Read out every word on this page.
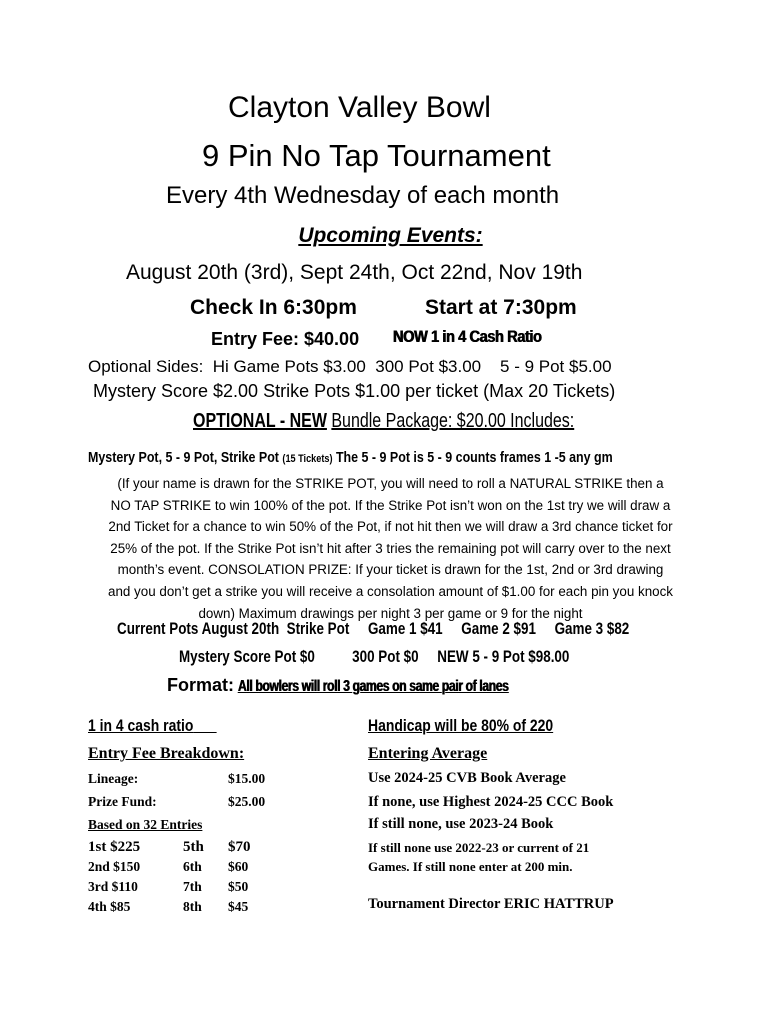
Clayton Valley Bowl
9 Pin No Tap Tournament
Every 4th Wednesday of each month
Upcoming Events:
August 20th (3rd), Sept 24th, Oct 22nd, Nov 19th
Check In 6:30pm	Start at 7:30pm
Entry Fee: $40.00 NOW 1 in 4 Cash Ratio
Optional Sides:  Hi Game Pots $3.00  300 Pot $3.00    5 - 9 Pot $5.00
Mystery Score $2.00 Strike Pots $1.00 per ticket (Max 20 Tickets)
OPTIONAL - NEW Bundle Package: $20.00 Includes:
Mystery Pot, 5 - 9 Pot, Strike Pot (15 Tickets) The 5 - 9 Pot is 5 - 9 counts frames 1 -5 any gm
(If your name is drawn for the STRIKE POT, you will need to roll a NATURAL STRIKE then a
NO TAP STRIKE to win 100% of the pot. If the Strike Pot isn’t won on the 1st try we will draw a
2nd Ticket for a chance to win 50% of the Pot, if not hit then we will draw a 3rd chance ticket for
25% of the pot. If the Strike Pot isn’t hit after 3 tries the remaining pot will carry over to the next
month’s event. CONSOLATION PRIZE: If your ticket is drawn for the 1st, 2nd or 3rd drawing
and you don’t get a strike you will receive a consolation amount of $1.00 for each pin you knock
down) Maximum drawings per night 3 per game or 9 for the night
Current Pots August 20th  Strike Pot     Game 1 $41     Game 2 $91     Game 3 $82
Mystery Score Pot $0          300 Pot $0     NEW 5 - 9 Pot $98.00
Format: All bowlers will roll 3 games on same pair of lanes
1 in 4 cash ratio
Entry Fee Breakdown:
Lineage:	$15.00
Prize Fund:	$25.00
Based on 32 Entries
1st $225	5th $70
2nd $150	6th $60
3rd $110	7th $50
4th $85	8th $45
Handicap will be 80% of 220
Entering Average
Use 2024-25 CVB Book Average
If none, use Highest 2024-25 CCC Book
If still none, use 2023-24 Book
If still none use 2022-23 or current of 21
Games. If still none enter at 200 min.
Tournament Director ERIC HATTRUP
